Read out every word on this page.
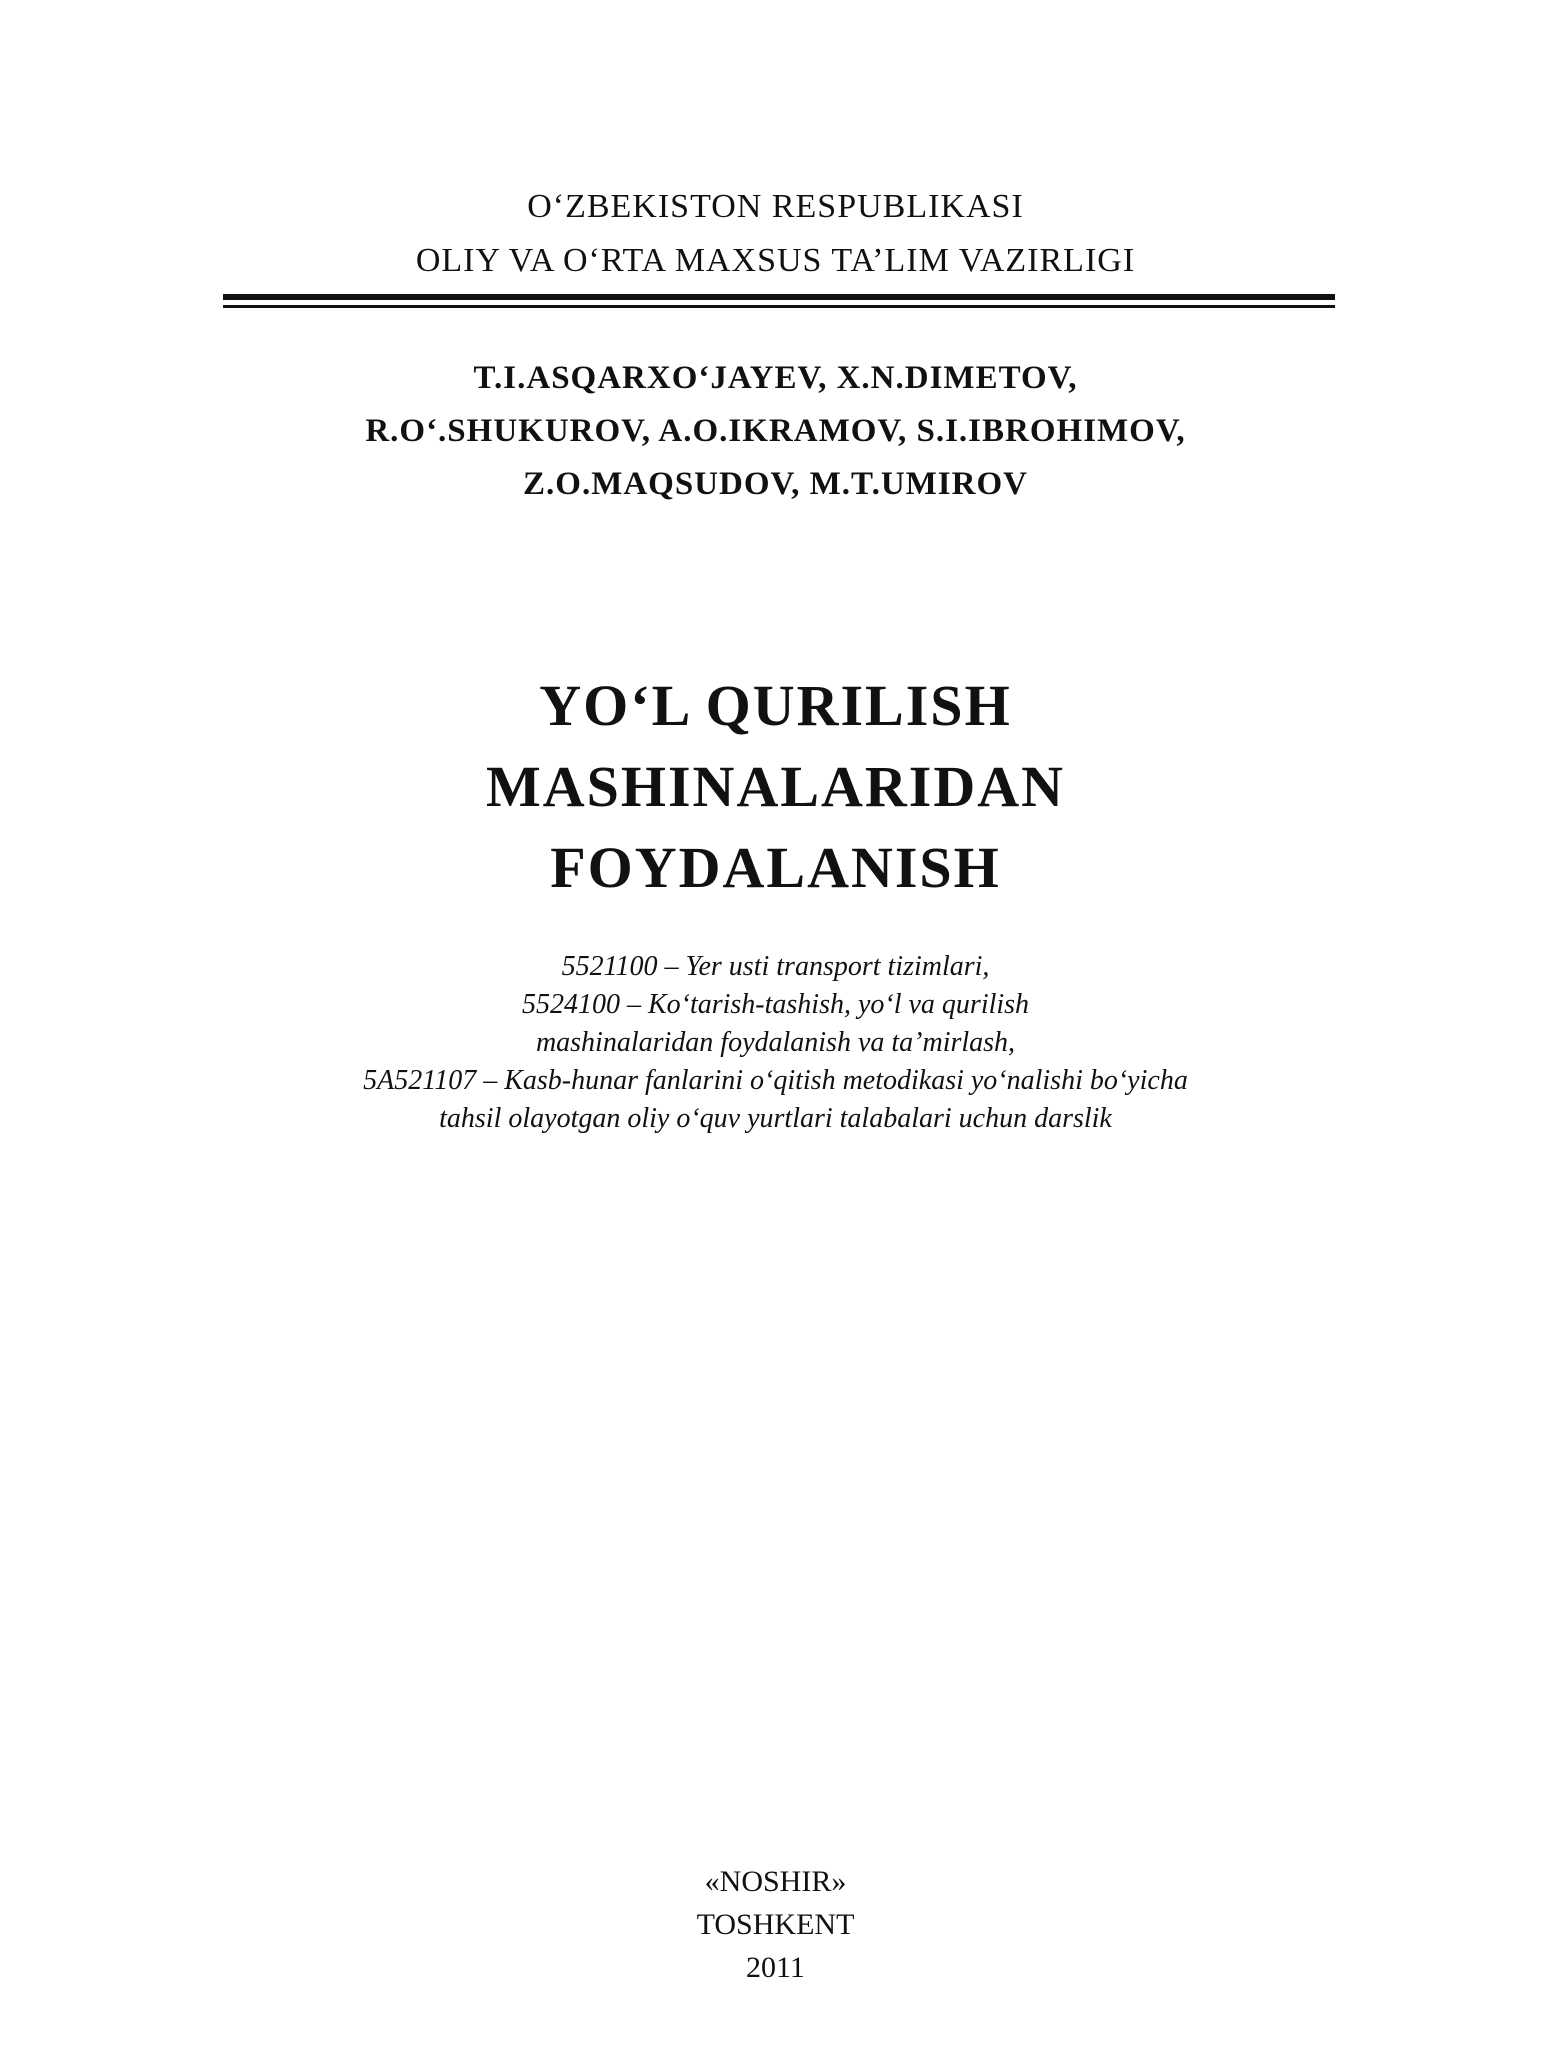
O‘ZBEKISTON RESPUBLIKASI
OLIY VA O‘RTA MAXSUS TA’LIM VAZIRLIGI
T.I.ASQARXO‘JAYEV, X.N.DIMETOV,
R.O‘.SHUKUROV, A.O.IKRAMOV, S.I.IBROHIMOV,
Z.O.MAQSUDOV, M.T.UMIROV
YO‘L QURILISH
MASHINALARIDAN
FOYDALANISH
5521100 – Yer usti transport tizimlari,
5524100 – Ko‘tarish-tashish, yo‘l va qurilish
mashinalaridan foydalanish va ta’mirlash,
5A521107 – Kasb-hunar fanlarini o‘qitish metodikasi yo‘nalishi bo‘yicha
tahsil olayotgan oliy o‘quv yurtlari talabalari uchun darslik
«NOSHIR»
TOSHKENT
2011
